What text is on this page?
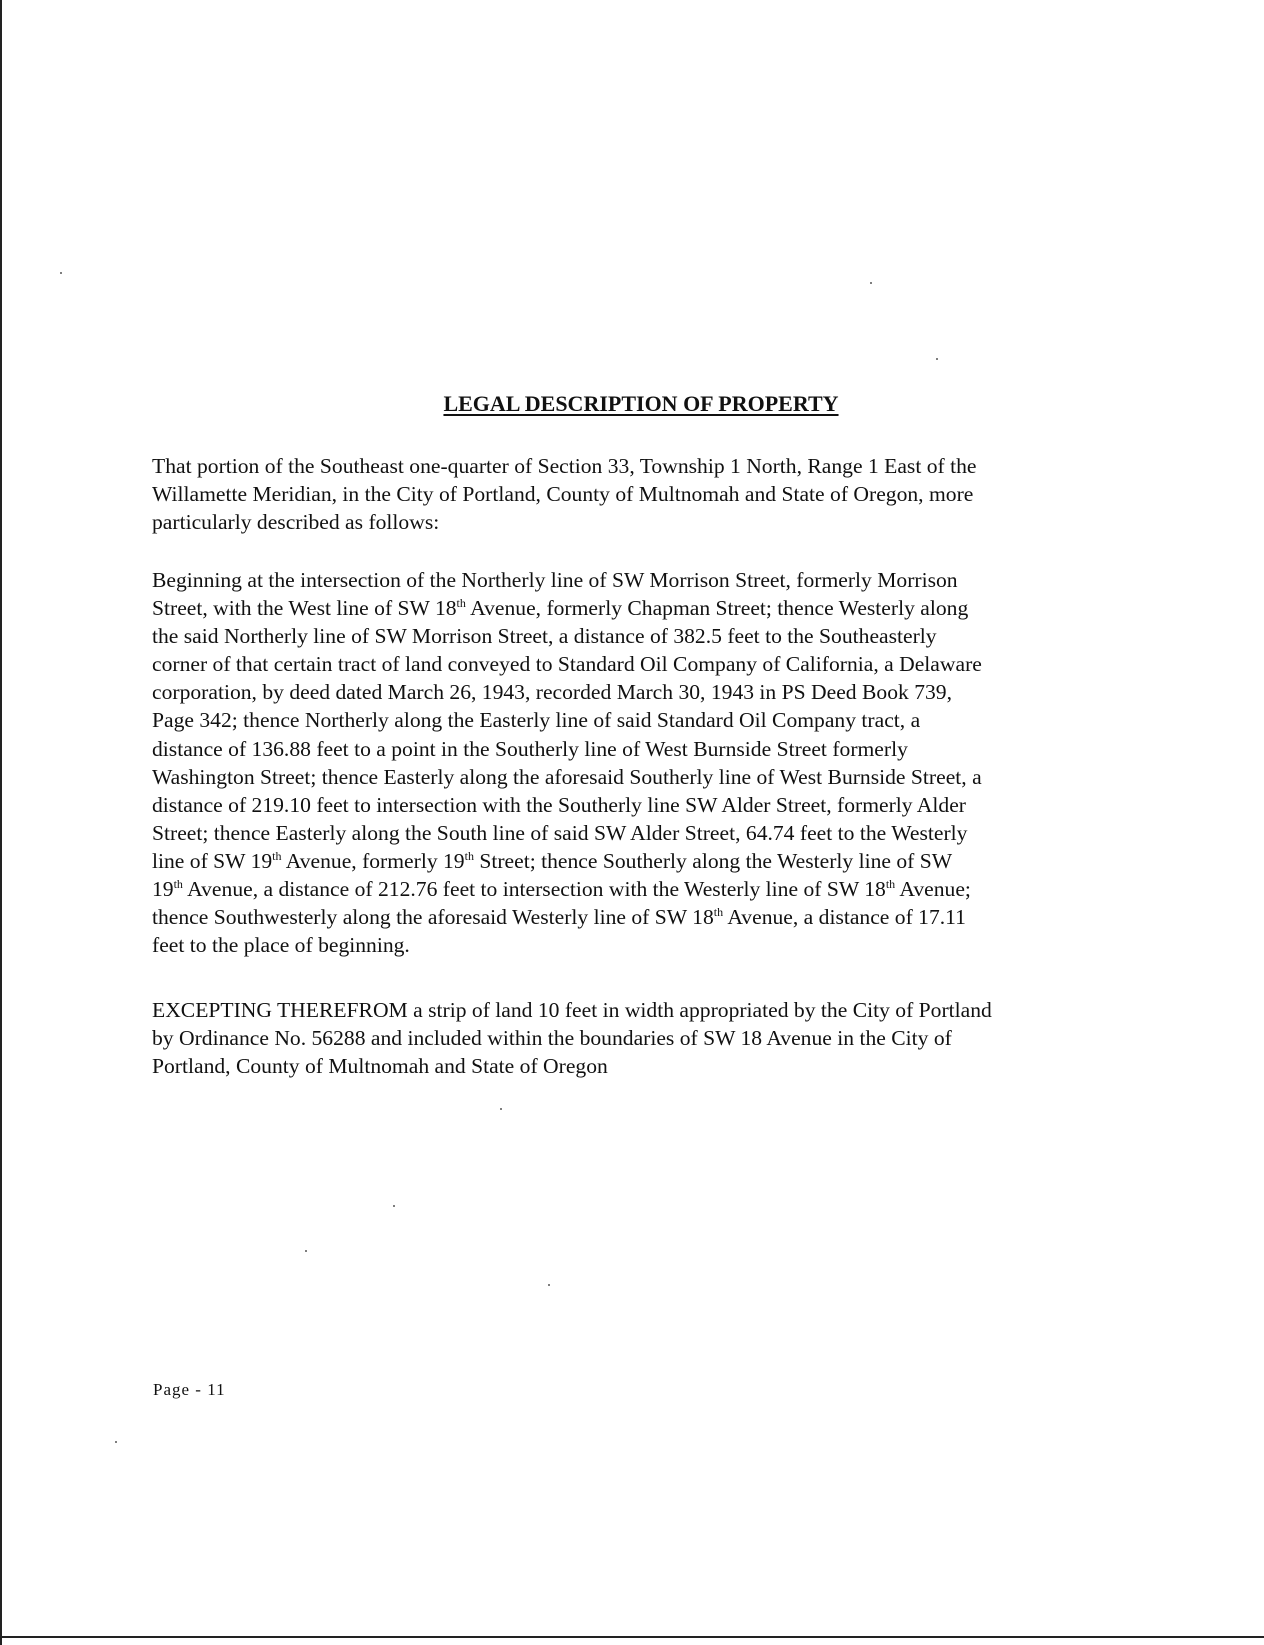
LEGAL DESCRIPTION OF PROPERTY

That portion of the Southeast one-quarter of Section 33, Township 1 North, Range 1 East of the
Willamette Meridian, in the City of Portland, County of Multnomah and State of Oregon, more
particularly described as follows:

Beginning at the intersection of the Northerly line of SW Morrison Street, formerly Morrison
Street, with the West line of SW 18th Avenue, formerly Chapman Street; thence Westerly along
the said Northerly line of SW Morrison Street, a distance of 382.5 feet to the Southeasterly
corner of that certain tract of land conveyed to Standard Oil Company of California, a Delaware
corporation, by deed dated March 26, 1943, recorded March 30, 1943 in PS Deed Book 739,
Page 342; thence Northerly along the Easterly line of said Standard Oil Company tract, a
distance of 136.88 feet to a point in the Southerly line of West Burnside Street formerly
Washington Street; thence Easterly along the aforesaid Southerly line of West Burnside Street, a
distance of 219.10 feet to intersection with the Southerly line SW Alder Street, formerly Alder
Street; thence Easterly along the South line of said SW Alder Street, 64.74 feet to the Westerly
line of SW 19th Avenue, formerly 19th Street; thence Southerly along the Westerly line of SW
19th Avenue, a distance of 212.76 feet to intersection with the Westerly line of SW 18th Avenue;
thence Southwesterly along the aforesaid Westerly line of SW 18th Avenue, a distance of 17.11
feet to the place of beginning.

EXCEPTING THEREFROM a strip of land 10 feet in width appropriated by the City of Portland
by Ordinance No. 56288 and included within the boundaries of SW 18 Avenue in the City of
Portland, County of Multnomah and State of Oregon

Page - 11
